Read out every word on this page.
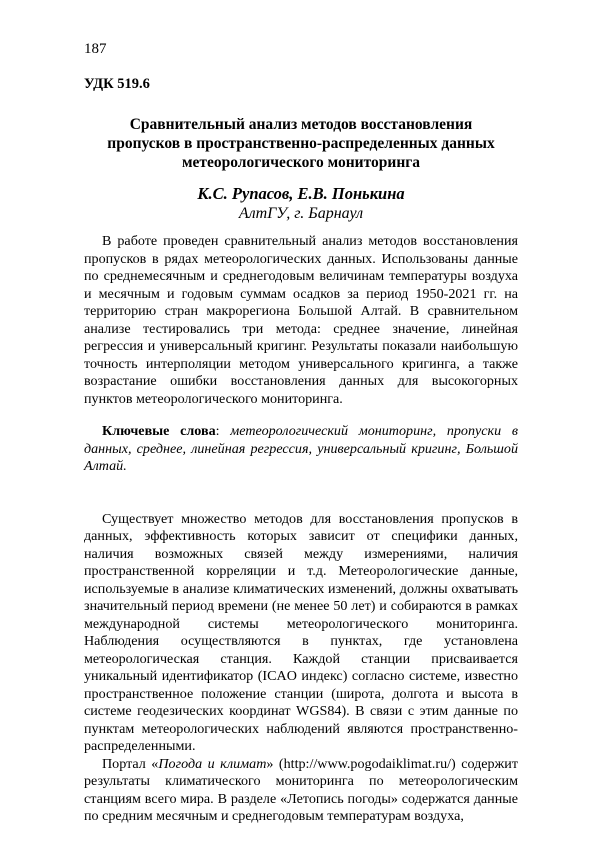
187
УДК 519.6
Сравнительный анализ методов восстановления
пропусков в пространственно-распределенных данных
метеорологического мониторинга
К.С. Рупасов, Е.В. Понькина
АлтГУ, г. Барнаул

В работе проведен сравнительный анализ методов восстановления пропусков в рядах метеорологических данных. Использованы данные по среднемесячным и среднегодовым величинам температуры воздуха и месячным и годовым суммам осадков за период 1950-2021 гг. на территорию стран макрорегиона Большой Алтай. В сравнительном анализе тестировались три метода: среднее значение, линейная регрессия и универсальный кригинг. Результаты показали наибольшую точность интерполяции методом универсального кригинга, а также возрастание ошибки восстановления данных для высокогорных пунктов метеорологического мониторинга.

Ключевые слова: метеорологический мониторинг, пропуски в данных, среднее, линейная регрессия, универсальный кригинг, Большой Алтай.

Существует множество методов для восстановления пропусков в данных, эффективность которых зависит от специфики данных, наличия возможных связей между измерениями, наличия пространственной корреляции и т.д. Метеорологические данные, используемые в анализе климатических изменений, должны охватывать значительный период времени (не менее 50 лет) и собираются в рамках международной системы метеорологического мониторинга. Наблюдения осуществляются в пунктах, где установлена метеорологическая станция. Каждой станции присваивается уникальный идентификатор (ICAO индекс) согласно системе, известно пространственное положение станции (широта, долгота и высота в системе геодезических координат WGS84). В связи с этим данные по пунктам метеорологических наблюдений являются пространственно-распределенными.

Портал «Погода и климат» (http://www.pogodaiklimat.ru/) содержит результаты климатического мониторинга по метеорологическим станциям всего мира. В разделе «Летопись погоды» содержатся данные по средним месячным и среднегодовым температурам воздуха,
